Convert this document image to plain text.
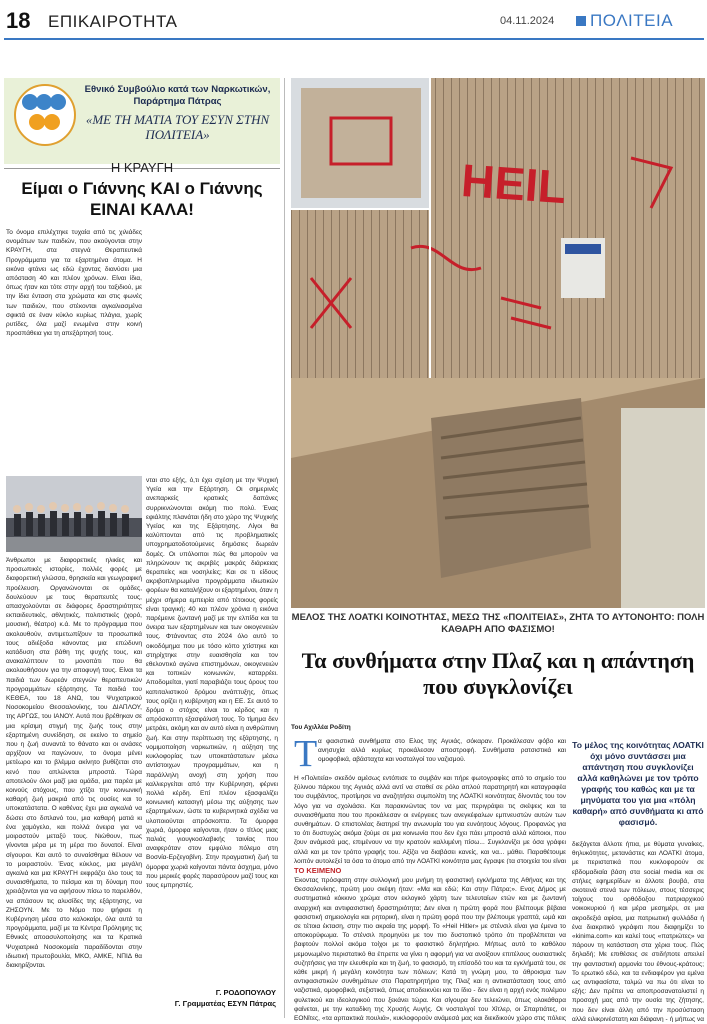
18 ΕΠΙΚΑΙΡΟΤΗΤΑ	04.11.2024 ΠΟΛΙΤΕΙΑ
Εθνικό Συμβούλιο κατά των Ναρκωτικών, Παράρτημα Πάτρας
«ΜΕ ΤΗ ΜΑΤΙΑ ΤΟΥ ΕΣΥΝ ΣΤΗΝ ΠΟΛΙΤΕΙΑ»
Η ΚΡΑΥΓΗ
Είμαι ο Γιάννης ΚΑΙ ο Γιάννης ΕΙΝΑΙ ΚΑΛΑ!

Το όνομα επιλέχτηκε τυχαία από τις χιλιάδες ονομάτων των παιδιών, που ακούγονται στην ΚΡΑΥΓΗ, στα στεγνά Θεραπευτικά Προγράμματα για τα εξαρτημένα άτομα. Η εικόνα φτάνει ως εδώ έχοντας διανύσει μια απόσταση 40 και πλέον χρόνων. Είναι ίδια, όπως ήταν και τότε στην αρχή του ταξιδιού, με την ίδια ένταση στα χρώματα και στις φωνές των παιδιών, που στέκονται αγκαλιασμένα σφικτά σε έναν κύκλο κυρίως πλάγια, χωρίς ρυτίδες, όλα μαζί ενωμένα στην κοινή προσπάθεια για τη απεξάρτησή τους.

Άνθρωποι με διαφορετικές ηλικίες και προσωπικές ιστορίες, πολλές φορές με διαφορετική γλώσσα, θρησκεία και γεωγραφική προέλευση. Οργανώνονται σε ομάδες, δουλεύουν με τους θεραπευτές τους, απασχολούνται σε διάφορες δραστηριότητες εκπαιδευτικές, αθλητικές, πολιτιστικές (χορό, μουσική, θέατρο) κ.ά. Με το πρόγραμμα που ακολουθούν, αντιμετωπίζουν τα προσωπικά τους αδιέξοδα κάνοντας μια επώδυνη κατάδυση στα βάθη της ψυχής τους, και ανακαλύπτουν το μονοπάτι που θα ακολουθήσουν για την αποφυγή τους. Είναι τα παιδιά των δωρεάν στεγνών θεραπευτικών προγραμμάτων εξάρτησης. Τα παιδιά του ΚΕΘΕΑ, του 18 ΑΝΩ, του Ψυχιατρικού Νοσοκομείου Θεσσαλονίκης, του ΔΙΑΠΛΟΥ, της ΑΡΓΩΣ, του ΙΑΝΟΥ. Αυτά που βρέθηκαν σε μια κρίσιμη στιγμή της ζωής τους στην εξαρτημένη συνείδηση, σε εκείνο το σημείο που η ζωή συναντά το θάνατο και οι ανάσες αρχίζουν να παγώνουν, το όνομα μένει μετέωρο και το βλέμμα ακίνητο βυθίζεται στο κενό που απλώνεται μπροστά. Τώρα αποτελούν όλοι μαζί μια ομάδα, μια παρέα με κοινούς στόχους, που χτίζει την κοινωνική καθαρή ζωή μακριά από τις ουσίες και το υποκατάστατα. Ο καθένας έχει μια αγκαλιά να δώσει στο διπλανό του, μια καθαρή ματιά κι ένα χαμόγελο, και πολλά όνειρα για να μοιραστούν μεταξύ τους. Νιώθουν, πως γίνονται μέρα με τη μέρα πιο δυνατοί. Είναι σίγουροι. Και αυτό το συναίσθημα θέλουν να το μοιραστούν. Ένας κύκλος, μια μεγάλη αγκαλιά και μια ΚΡΑΥΓΗ εκφράζει όλο τους τα συναισθήματα, το πείσμα και τη δύναμη που χρειάζονται για να αφήσουν πίσω το παρελθόν, να σπάσουν τις αλυσίδες της εξάρτησης, να ΖΗΣΟΥΝ. Με το Νόμο που ψήφισε η Κυβέρνηση μέσα στο καλοκαίρι, όλα αυτά τα προγράμματα, μαζί με τα Κέντρα Πρόληψης τις Εθνικές αποασυλοποίησης και τα Κρατικά Ψυχιατρικά Νοσοκομεία παραδίδονται στην ιδιωτική πρωτοβουλία, ΜΚΟ, ΑΜΚΕ, ΝΠΙΔ θα διακηρίζονται.

νται στο εξής, ό,τι έχει σχέση με την Ψυχική Υγεία και την Εξάρτηση. Οι σημερινές ανεπαρκείς κρατικές δαπάνες συρρικνώνονται ακόμη πιο πολύ. Ένας εφιάλτης πλανάται ήδη στο χώρο της Ψυχικής Υγείας και της Εξάρτησης. Λίγοι θα καλύπτονται από τις προβληματικές υποχρηματοδοτούμενες δημόσιες δωρεάν δομές. Οι υπόλοιποι πώς θα μπορούν να πληρώνουν τις ακριβές μακράς διάρκειας θεραπείες και νοσηλείες; Και σε τι είδους ακριβοπληρωμένα προγράμματα ιδιωτικών φορέων θα καταλήξουν οι εξαρτημένοι, όταν η μέχρι σήμερα εμπειρία από τέτοιους φορείς είναι τραγική; 40 και πλέον χρόνια η εικόνα παρέμεινε ζωντανή μαζί με την ελπίδα και τα όνειρα των εξαρτημένων και των οικογενειών τους. Φτάνοντας στο 2024 όλο αυτό το οικοδόμημα που με τόσο κόπο χτίστηκε και στηρίχτηκε στην ευαισθησία και τον εθελοντικό αγώνα επιστημόνων, οικογενειών και τοπικών κοινωνιών, καταρρέει. Αποδομείται, γιατί παραβιάζει τους όρους του καπιταλιστικού δρόμου ανάπτυξης, όπως τους ορίζει η κυβέρνηση και η ΕΕ. Σε αυτό το δρόμο ο στόχος είναι το κέρδος και η απρόσκοπτη εξασφάλισή τους. Το τίμημα δεν μετράει, ακόμη και αν αυτό είναι η ανθρώπινη ζωή. Και στην περίπτωση της εξάρτησης, η νομιμοποίηση ναρκωτικών, η αύξηση της κυκλοφορίας των υποκατάστατων μέσω αντίστοιχων προγραμμάτων, και η παράλληλη ανοχή στη χρήση που καλλιεργείται από την Κυβέρνηση, φέρνει πολλά κέρδη. Επί πλέον εξασφαλίζει κοινωνική κατασιγή μέσω της αύξησης των εξαρτημένων, ώστε τα κυβερνητικά σχέδια να υλοποιούνται απρόσκοπτα. Τα όμορφα χωριά, όμορφα καίγονται, ήταν ο τίτλος μιας παλιάς γιουγκοσλαβικής ταινίας που αναφερόταν στον εμφύλιο πόλεμο στη Βοσνία-Ερζεγοβίνη. Στην πραγματική ζωή τα όμορφα χωριά καίγονται πάντα άσχημα, μόνο που μερικές φορές παρασύρουν μαζί τους και τους εμπρηστές.

Γ. ΡΟΔΟΠΟΥΛΟΥ
Γ. Γραμματέας ΕΣΥΝ Πάτρας
HEIL
ΜΕΛΟΣ ΤΗΣ ΛΟΑΤΚΙ ΚΟΙΝΟΤΗΤΑΣ, ΜΕΣΩ ΤΗΣ «ΠΟΛΙΤΕΙΑΣ», ΖΗΤΑ ΤΟ ΑΥΤΟΝΟΗΤΟ: ΠΟΛΗ ΚΑΘΑΡΗ ΑΠΟ ΦΑΣΙΣΜΟ!
Τα συνθήματα στην Πλαζ και η απάντηση που συγκλονίζει
Του Αχιλλέα Ροδίτη
Τ α φασιστικά συνθήματα στο Ελος της Αγυιάς, σόκαραν. Προκάλεσαν φόβο και ανησυχία αλλά κυρίως προκάλεσαν αποστροφή. Συνθήματα ρατσιστικά και ομοφοβικά, αβάσταχτα και νοσταλγοί του ναζισμού.

Η «Πολιτεία» σκεδόν αμέσως εντόπισε το συμβάν και πήρε φωτογραφίες από το σημείο του ξύλινου πάρκου της Αγυιάς αλλά αντί να σταθεί σε ρόλο απλού παρατηρητή και καταγραφέα του συμβάντος, προτίμησε να αναζητήσει συμπολίτη της ΛΟΑΤΚΙ κοινότητας δίνοντάς του τον λόγο για να σχολιάσει. Και παρακινώντας τον να μας περιγράψει τις σκέψεις και τα συναισθήματα που του προκάλεσαν οι ενέργειες των ανεγκέφαλων εμπνευστών αυτών των συνθημάτων. Ο επιστολέας διατηρεί την ανωνυμία του για ευνόητους λόγους. Προφανώς για το ότι δυστυχώς ακόμα ζούμε σε μια κοινωνία που δεν έχει πάει μπροστά αλλά κάποιοι, που ζουν ανάμεσά μας, επιμένουν να την κρατούν καλλιμένη πίσω... Συγκλονίζει με όσα γράφει αλλά και με τον τρόπο γραφής του. Αξίζει να διαβάσει κανείς, και να... μάθει. Παραθέτουμε λοιπόν αυτολεξεί τα όσα το άτομο από την ΛΟΑΤΚΙ κοινότητα μας έγραψε (τα στοιχεία του είναι

ΤΟ ΚΕΙΜΕΝΟ

Έκοντας πρόσφατη στην συλλογική μου μνήμη τη φασιστική εγκλήματα της Αθήνας και της Θεσσαλονίκης, πρώτη μου σκέψη ήταν: «Μα και εδώ; Και στην Πάτρα;». Ενας Δήμος με συστηματικά κόκκινο χρώμα στον εκλογικό χάρτη των τελευταίων ετών και με ζωντανή αναρχική και αντιφασιστική δραστηριότητα; Δεν είναι η πρώτη φορά που βλέπουμε βέβαια φασιστική σημειολογία και ρητορική, είναι η πρώτη φορά που την βλέπουμε γραπτά, ωμά και σε τέτοια έκταση, στην πιο ακραία της μορφή. Το «Heil Hitler» με στένσιλ είναι για έμενα το αποκορύφωμα. Το στένσιλ προμηνύει με τον πιο δυστοπικό τρόπο ότι προβλέπεται να βαφτούν πολλοί ακόμα τοίχοι με το φασιστικό δηλητήριο. Μήπως αυτό το καθόλου μεμονωμένο περιστατικό θα έπρεπε να γίνει η αφορμή για να ανοίξουν επιτέλους ουσιαστικές συζητήσεις για την ελευθερία και τη ζωή, το φασισμό, τη επίσοδό του και τα εγκλήματά του, σε κάθε μικρή ή μεγάλη κοινότητα των πόλεων; Κατά τη γνώμη μου, το άθροισμα των αντιφασιστικών συνθημάτων στο Παρατηρητήριο της Πλαζ και η αντικατάσταση τους από ναζιστικά, ομοφοβικά, σεξιστικά, όπως αποδεικνύει και το ίδιο - δεν είναι η αρχή ενός πολέμου φυλετικού και ιδεολογικού που ξεκάνει τώρα. Και σίγουρα δεν τελειώνει, όπως ολοκάθαρα φαίνεται, με την καταδίκη της Χρυσής Αυγής. Οι νοσταλγοί του Χίτλερ, οι Σπαρτιάτες, οι ΕΟΝίτες, «τα αρπακτικά πουλιά», κυκλοφορούν ανάμεσά μας και διεκδικούν χώρο στις πόλεις

Το μέλος της κοινότητας ΛΟΑΤΚΙ όχι μόνο συντάσσει μια απάντηση που συγκλονίζει αλλά καθηλώνει με τον τρόπο γραφής του καθώς και με τα μηνύματα του για μια «πόλη καθαρή» από συνθήματα κι από φασισμό.

διεξάγεται άλλοτε ήπια, με θύματα γυναίκες, θηλυκότητες, μετανάστες και ΛΟΑΤΚΙ άτομα, με περιστατικά που κυκλοφορούν σε εβδομαδιαία βάση στα social media και σε στήλες εφημερίδων κι άλλοτε βουβά, στα σκοτεινά στενά των πόλεων, στους τέσσερις τοίχους του ορθόδοξου πατριαρχικού νοικοκυριού ή και μέρα μεσημέρι, σε μια ακροδεξιά αφίσα, μια πατριωτική φυλλάδα ή ένα διακριτικό γκράφιτι που διαφημίζει το «kinima.com» και καλεί τους «πατριώτες» να πάρουν τη κατάσταση στα χέρια τους. Πώς δηλαδή; Με επιθέσεις σε στιδήποτε απειλεί την φανταστική αρμονία του έθνους-κράτους; Το ερωτικό εδώ, και τα ενδιαφέρον για εμένα ως αντιφασίστα, τολμώ να πω ότι είναι το εξής: Δεν πρέπει να αποπροσανατολιστεί η προσοχή μας από την ουσία της ζήτησης, που δεν είναι άλλη από την προσύσταση αλλά ειλικρινέστατη και διάφανη - ή μήπως να
